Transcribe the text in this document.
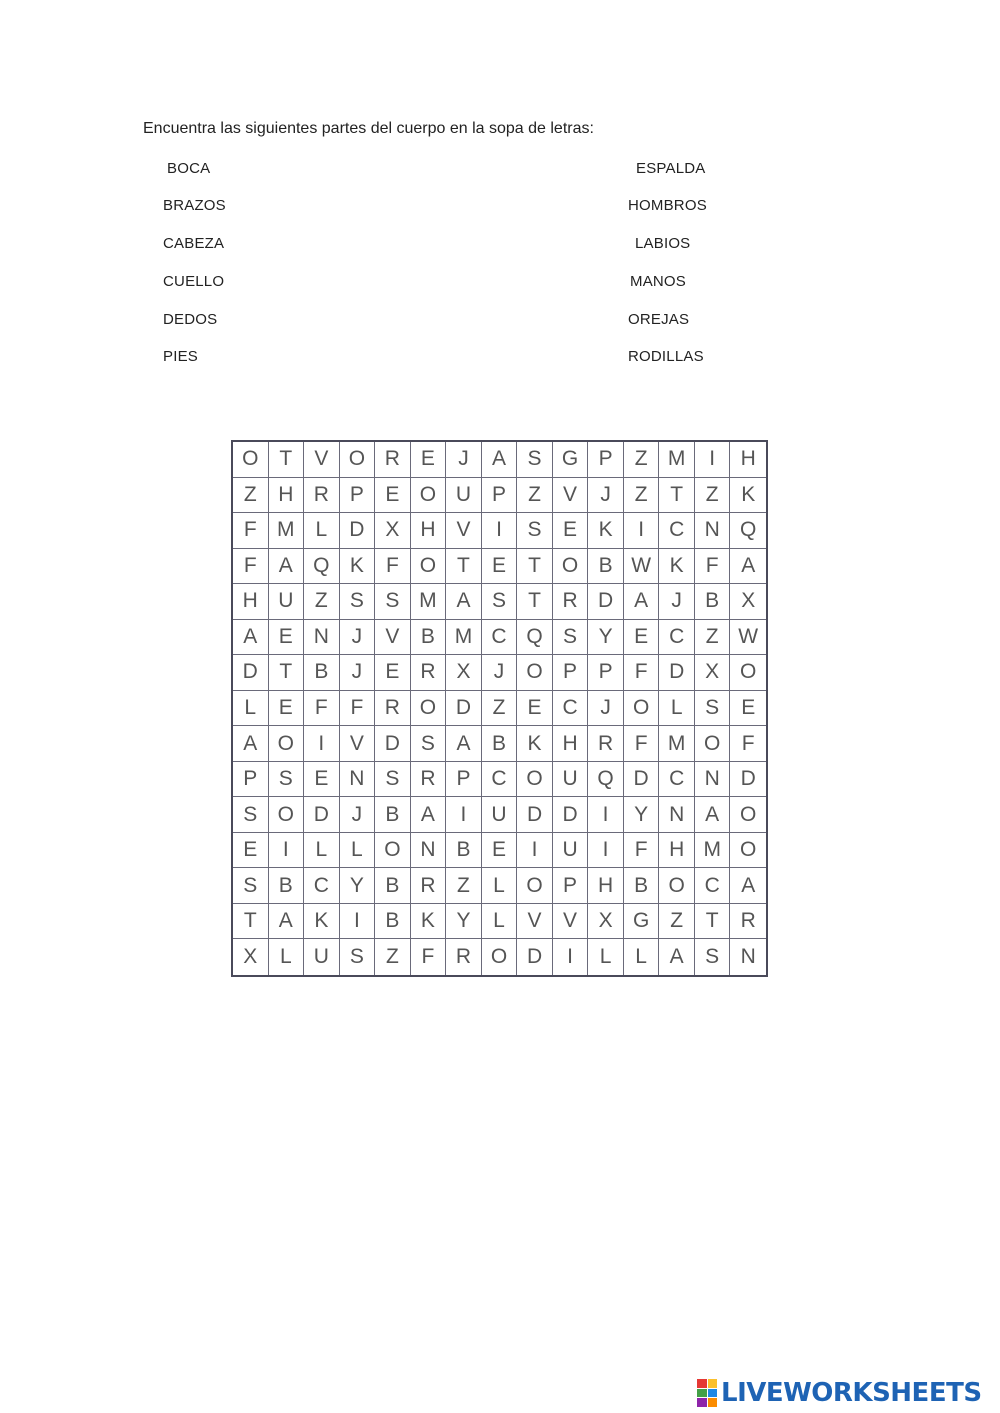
Encuentra las siguientes partes del cuerpo en la sopa de letras:
BOCA
BRAZOS
CABEZA
CUELLO
DEDOS
PIES
ESPALDA
HOMBROS
LABIOS
MANOS
OREJAS
RODILLAS
O T	V O R E	J	A	S G P	Z M	I	H
Z	H R P	E O U P	Z	V	J	Z	T	Z	K
F M L	D X H V	I	S	E	K	I	C N Q
F	A Q K	F O T	E	T O B W K	F	A
H U	Z	S	S M A	S	T	R D A	J	B	X
A	E N	J	V	B M C Q S	Y	E C	Z W
D	T	B	J	E R X	J	O P	P	F	D X O
L	E	F	F	R O D	Z	E C	J	O	L	S	E
A O	I	V D S	A	B	K H R	F M O	F
P	S	E N S R P C O U Q D C N D
S O D	J	B	A	I	U D D	I	Y N A O
E	I	L	L	O N B	E	I	U	I	F	H M O
S	B C Y	B R	Z	L	O P H B O C	A
T	A	K	I	B	K	Y	L	V	V	X G Z	T	R
X	L	U S	Z	F	R O D	I	L	L	A	S	N
LIVEWORKSHEETS
